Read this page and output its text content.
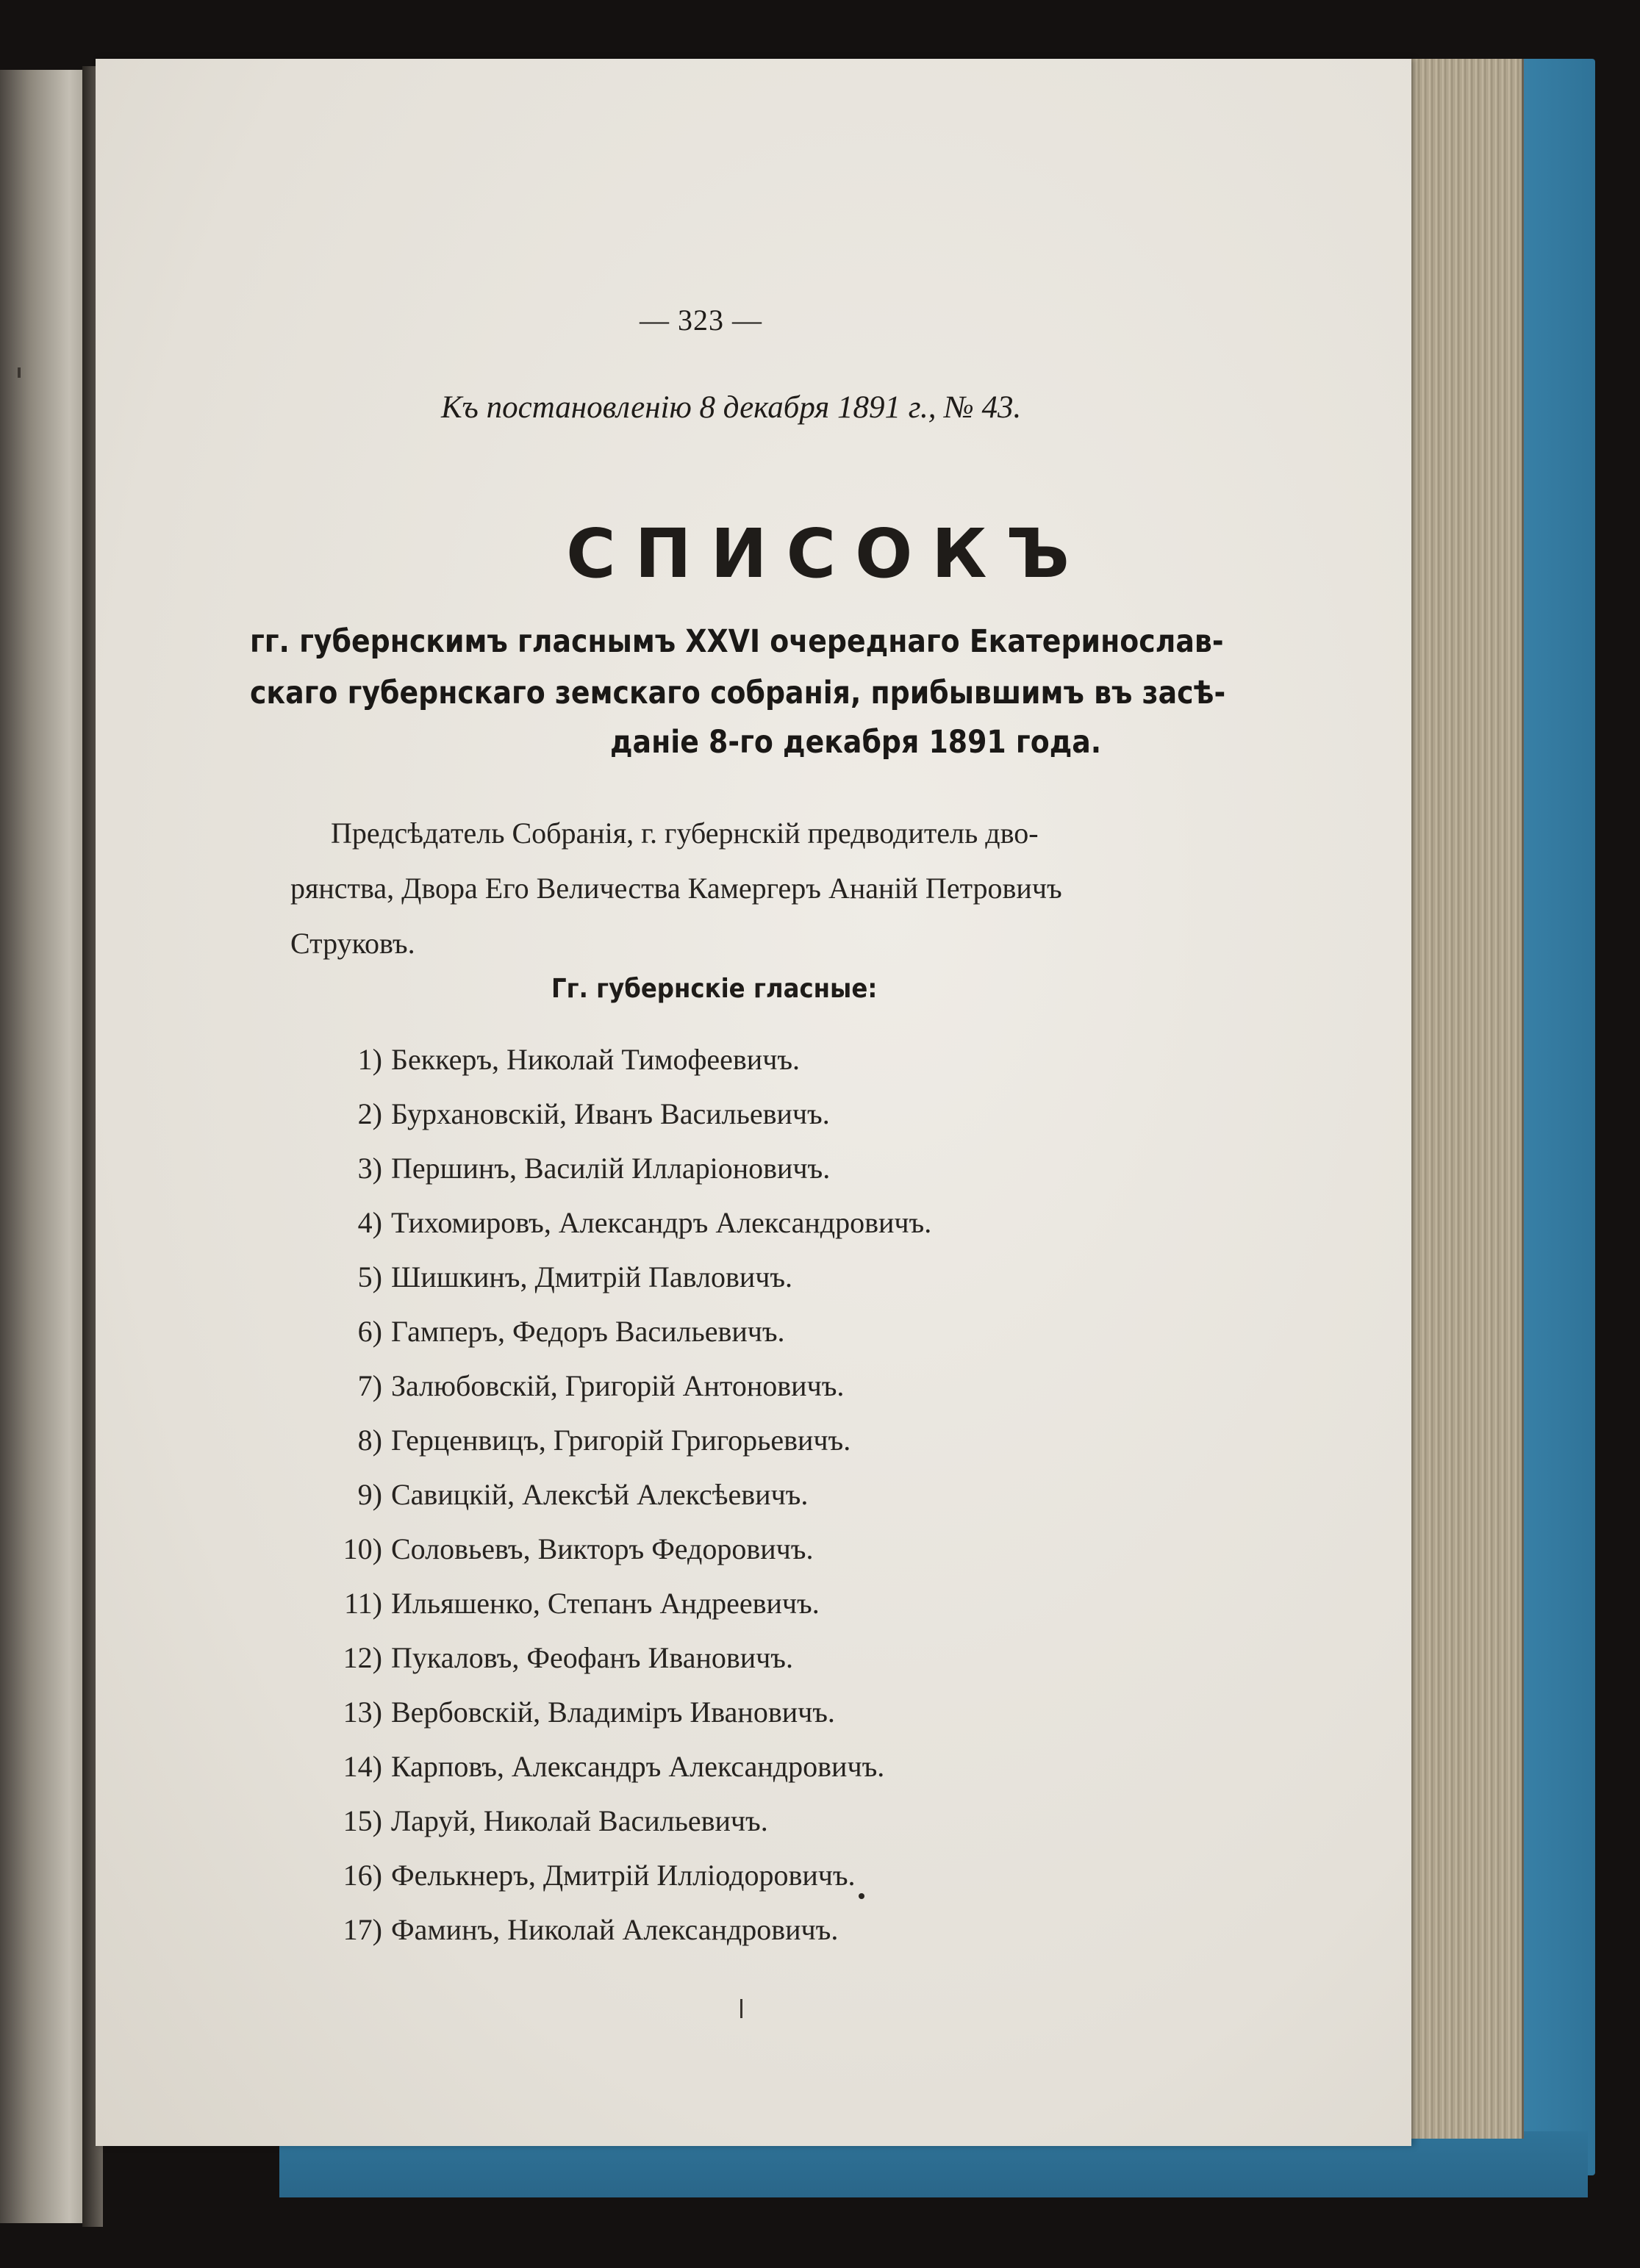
— 323 —
Къ постановленію 8 декабря 1891 г., № 43.
СПИСОКЪ
гг. губернскимъ гласнымъ XXVI очереднаго Екатеринослав-
скаго губернскаго земскаго собранія, прибывшимъ въ засѣ-
даніе 8-го декабря 1891 года.
Предсѣдатель Собранія, г. губернскій предводитель дво-
рянства, Двора Его Величества Камергеръ Ананій Петровичъ
Струковъ.
Гг. губернскіе гласные:
1) Беккеръ, Николай Тимофеевичъ.
2) Бурхановскій, Иванъ Васильевичъ.
3) Першинъ, Василій Илларіоновичъ.
4) Тихомировъ, Александръ Александровичъ.
5) Шишкинъ, Дмитрій Павловичъ.
6) Гамперъ, Федоръ Васильевичъ.
7) Залюбовскій, Григорій Антоновичъ.
8) Герценвицъ, Григорій Григорьевичъ.
9) Савицкій, Алексѣй Алексѣевичъ.
10) Соловьевъ, Викторъ Федоровичъ.
11) Ильяшенко, Степанъ Андреевичъ.
12) Пукаловъ, Феофанъ Ивановичъ.
13) Вербовскій, Владиміръ Ивановичъ.
14) Карповъ, Александръ Александровичъ.
15) Ларуй, Николай Васильевичъ.
16) Фелькнеръ, Дмитрій Илліодоровичъ.
17) Фаминъ, Николай Александровичъ.
